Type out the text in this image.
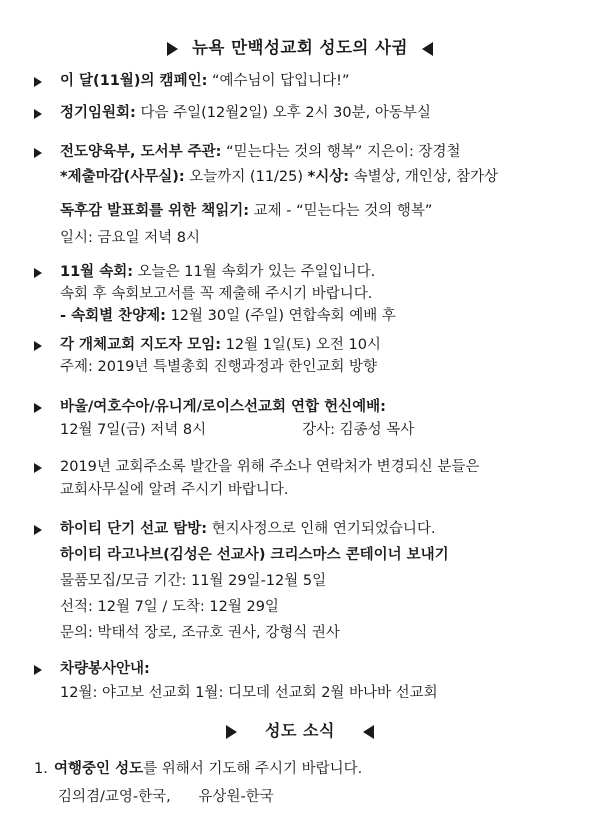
뉴욕 만백성교회 성도의 사귐
이 달(11월)의 캠페인: “예수님이 답입니다!”
정기임원회: 다음 주일(12월2일) 오후 2시 30분, 아동부실
전도양육부, 도서부 주관: “믿는다는 것의 행복” 지은이: 장경철
*제출마감(사무실): 오늘까지 (11/25) *시상: 속별상, 개인상, 참가상
독후감 발표회를 위한 책읽기: 교제 - “믿는다는 것의 행복”
일시: 금요일 저녁 8시
11월 속회: 오늘은 11월 속회가 있는 주일입니다.
속회 후 속회보고서를 꼭 제출해 주시기 바랍니다.
- 속회별 찬양제: 12월 30일 (주일) 연합속회 예배 후
각 개체교회 지도자 모임: 12월 1일(토) 오전 10시
주제: 2019년 특별총회 진행과정과 한인교회 방향
바울/여호수아/유니게/로이스선교회 연합 헌신예배:
12월 7일(금) 저녁 8시	강사: 김종성 목사
2019년 교회주소록 발간을 위해 주소나 연락처가 변경되신 분들은
교회사무실에 알려 주시기 바랍니다.
하이티 단기 선교 탐방: 현지사정으로 인해 연기되었습니다.
하이티 라고나브(김성은 선교사) 크리스마스 콘테이너 보내기
물품모집/모금 기간: 11월 29일-12월 5일
선적: 12월 7일 / 도착: 12월 29일
문의: 박태석 장로, 조규호 권사, 강형식 권사
차량봉사안내:
12월: 야고보 선교회 1월: 디모데 선교회 2월 바나바 선교회
성도 소식
1. 여행중인 성도를 위해서 기도해 주시기 바랍니다.
김의겸/교영-한국,      유상원-한국
